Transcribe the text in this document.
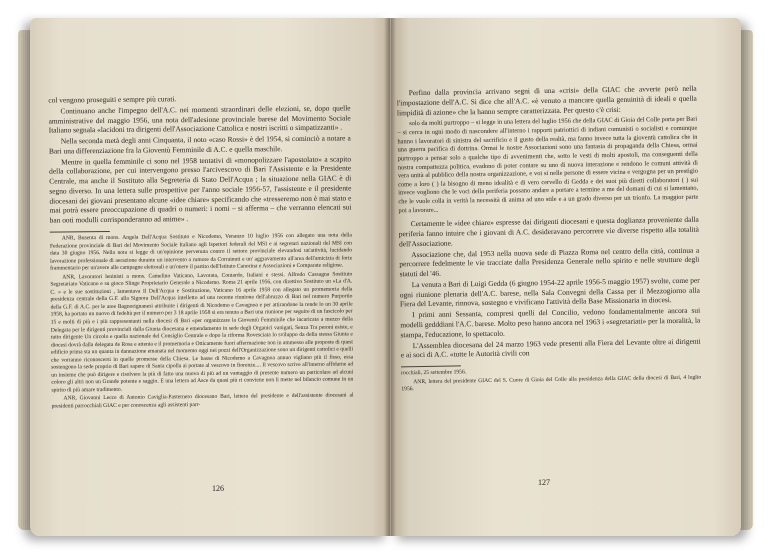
col vengono proseguiti e sempre più curati.

Continuano anche l'impegno dell'A.C. nei momenti straordinari delle elezioni, se, dopo quelle amministrative del maggio 1956, una nota dell'adesione provinciale barese del Movimento Sociale Italiano segnala «lacidoni tra dirigenti dell'Associazione Cattolica e nostri iscritti o simpatizzanti» .

Nella seconda metà degli anni Cinquanta, il noto «caso Rossi» è del 1954, si cominciò a notare a Bari una differenziazione fra la Gioventù Femminile di A.C. e quella maschile.

Mentre in quella femminile ci sono nel 1958 tentativi di «monopolizzare l'apostolato» a scapito della collaborazione, per cui intervengono presso l'arcivescovo di Bari l'Assistente e la Presidente Centrale, ma anche il Sostituto alla Segreteria di Stato Dell'Acqua ; la situazione nella GIAC è di segno diverso. In una lettera sulle prospettive per l'anno sociale 1956-57, l'assistente e il presidente diocesani dei giovani presentano alcune «idee chiare» specificando che «tresseremo non è mai stato e mai potrà essere preoccupazione di quadri o numeri: i nomi – si afferma – che verranno elencati sui ban ooti modulli corrisponderanno ad anime» .

ANR, Busenta di mons. Angela Dell'Acqua Sostituto e Nicodemo, Venanzo 10 luglio 1956 con allegato una nota della Federazione provinciale di Bari del Movimento Sociale Italiano agli Ispettori federali del MSI e ai segretari nazionali del MSI con data 30 giugno 1956. Nella nota si legge di un'opinione pervenuta contro il settore provinciale elevandosi un'attività, lucidando lavorazione professionale di aerazione durante un intervento a rumore da Corrainuti e un' aggravamento all'area dell'amicizia di forte frammentario per un'avere alle campagne elettorali e un'onere il partito dell'Istituto Canorina e Associazioni e Comparate religiose.

ANR, Lavoratori leninisti a mons. Camelino Vaticano, Lavorata, Contardo, Italiani e stessi. Alfredo Cassagna Sostituto Segretariato Vaticano e su gioco Slinge Proprietario Generale a Nicodemo. Roma 21 aprile 1956, con direttivo Sostituto un «La d'A. C. » e le sue sostituzioni , lamentava Il Dell'Acqua e Sostituzione, Vaticano 16 aprile 1958 con allegato un promemoria della presidenza centrale della G.F. alla Signora Dell'Acqua intelletto ad una recente riunione dell'abruzzo di Bari nel numero Purportio della G.F. di A.C. per le aree Bagnorignanesi attribuite i dirigenti di Nicodemo e Cavagnoa e per attirandone la rende lo un 30 aprile 1958, ha portato un nuovo di fedeltà per il numero per 3 18 aprile 1958 si era tenuta a Bari una riunione per seguire di un fascicolo per 15 e molti di più e i più rappresentanti nella diocesi di Bari «per organizzare la Gioventù Femminile che incaricata a mezzo della Delegata per le dirigenti provinciali dalla Giunta diocesana e emendamento in sede degli Organici vanigati, Senza Tra peroni esiste, e tutto dirigente Un circolo e quella nazionale del Consiglio Centrale e dopo la riforma Rovesciata lo sviluppo da della stessa Giunta e diocesi dovrà dalla delegata de Rosa e attenta e il promemoria e Otticamente fuori affermazione non in ammesso alle proposte di quest edificio prima sta un quanta in dannazione emanata nel momento oggi nei pozzi dell'Organizzazione sono un dirigenti cattolici e quelli che vorranno riconoscersi in quelle promesse della Chiesa. Le basse di Nicodemo a Cavagnoa annuo vigliano più il fisso, essa sostengono la sede proprio di Bari sapere di Santa cipolla ai portate al vescovo in fiorenze.... Il vescovo scrive all'interno affidarne ad un insieme che può dirigere e risolvere la più di fatto una nuova di più ad un vantaggio di presente numero un particolare ad alcuni coloro gli altri non un Grande potente e saggio. E una lettera ad Asce da quasi più ri conviene non li mette nel bilancio comune in un spirito di più amare tradimento.

ANR, Giovanni Lecce di Antonio Caviglia-Pasternero diocesano Bari, lettera del presidente e dell'assistente diocesani al presidenti parrocchiali GIAC e per conoscenza agli assistenti parr-

126

Perfino dalla provincia arrivano segni di una «crisi» della GIAC che avverte però nella l'impostazione dell'A.C. Si dice che all'A.C. «è venuto a mancare quella genuinità di ideali e quella limpidità di azione» che la hanno sempre caratterizzata. Per questo c'è crisi:

solo da molti purtroppo – si legge in una lettera del luglio 1956 che della GIAC di Gioia del Colle porta per Bari – si cerca in ogni modo di nascondere all'interno i rapporti patriottici di indiani comunisti o socialisti e comunque hanno i lavoratori di sinistra del sacrificio e il gusto della realtà, ma fanno invece tutta la gioventù cattolica che in una guerra pacifica di dottrina. Ormai le nostre Associazioni sono una fantasia di propaganda della Chiesa, ormai purtroppo a pensar solo a qualche tipo di avvenimenti che, sotto le vesti di molti apostoli, ma conseguenti della nostra compattezza politica, evadono di poter contare su uno di nuova interazione e rendono le comuni attività di vera unità al pubblico della nostra organizzazione, e voi si nelle persone di essere vicina e vergogna per un prestigio come a loro ( ) la bisogno di meno idealità e di vero cervello di Gedda e dei suoi più diretti collaboratori ( ) sui invece vogliono che le voci della periferia possano andare a portare a termine a me del domani di cui si lamentano, che le vuole colla in verità la necessità di anima ad uno stile e a un grado diverso per un trionfo. La maggior parte poi a lavorare...

Certamente le «idee chiare» espresse dai dirigenti diocesani e questa doglianza proveniente dalla periferia fanno intuire che i giovani di A.C. desideravano percorrere vie diverse rispetto alla totalità dell'Associazione.

Associazione che, dal 1953 nella nuova sede di Piazza Roma nel centro della città, continua a percorrere fedelmente le vie tracciate dalla Presidenza Generale nello spirito e nelle strutture degli statuti del '46.

La venuta a Bari di Luigi Gedda (6 giugno 1954-22 aprile 1956-5 maggio 1957) svolte, come per ogni riunione plenaria dell'A.C. barese, nella Sala Convegni della Cassa per il Mezzogiorno alla Fiera del Levante, rinnova, sostegno e vivificano l'attività della Base Missionaria in diocesi.

I primi anni Sessanta, compresi quelli del Concilio, vedono fondamentalmente ancora sui modelli gedddiani l'A.C. barese. Molto peso hanno ancora nel 1963 i «segretariati» per la moralità, la stampa, l'educazione, lo spettacolo.

L'Assemblea diocesana del 24 marzo 1963 vede presenti alla Fiera del Levante oltre ai dirigenti e ai soci di A.C. «tutte le Autorità civili con

rocchiali, 25 settembre 1956.

ANR, lettera del presidente GIAC del S. Cuore di Gioia del Colle alla presidenza della GIAC della diocesi di Bari, 4 luglio 1956.

127
